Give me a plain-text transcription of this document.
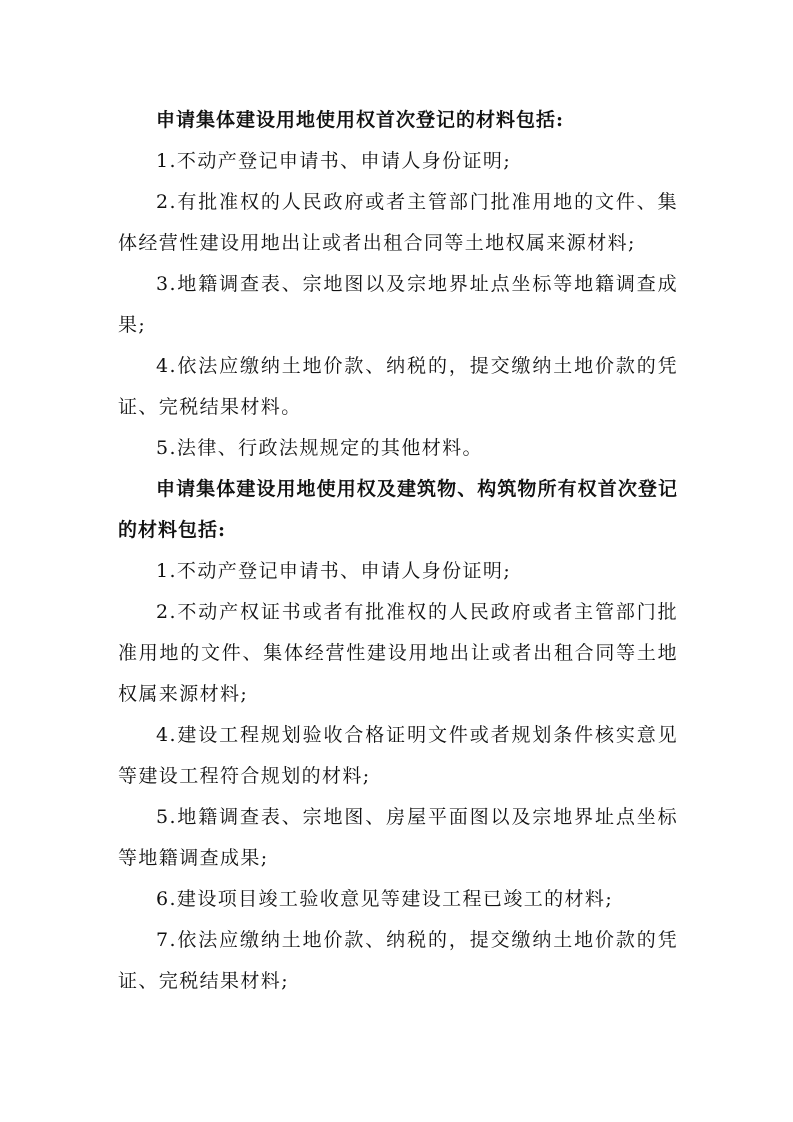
申请集体建设用地使用权首次登记的材料包括:

1.不动产登记申请书、申请人身份证明;

2.有批准权的人民政府或者主管部门批准用地的文件、集体经营性建设用地出让或者出租合同等土地权属来源材料;

3.地籍调查表、宗地图以及宗地界址点坐标等地籍调查成果;

4.依法应缴纳土地价款、纳税的，提交缴纳土地价款的凭证、完税结果材料。

5.法律、行政法规规定的其他材料。

申请集体建设用地使用权及建筑物、构筑物所有权首次登记的材料包括:

1.不动产登记申请书、申请人身份证明;

2.不动产权证书或者有批准权的人民政府或者主管部门批准用地的文件、集体经营性建设用地出让或者出租合同等土地权属来源材料;

4.建设工程规划验收合格证明文件或者规划条件核实意见等建设工程符合规划的材料;

5.地籍调查表、宗地图、房屋平面图以及宗地界址点坐标等地籍调查成果;

6.建设项目竣工验收意见等建设工程已竣工的材料;

7.依法应缴纳土地价款、纳税的，提交缴纳土地价款的凭证、完税结果材料;
